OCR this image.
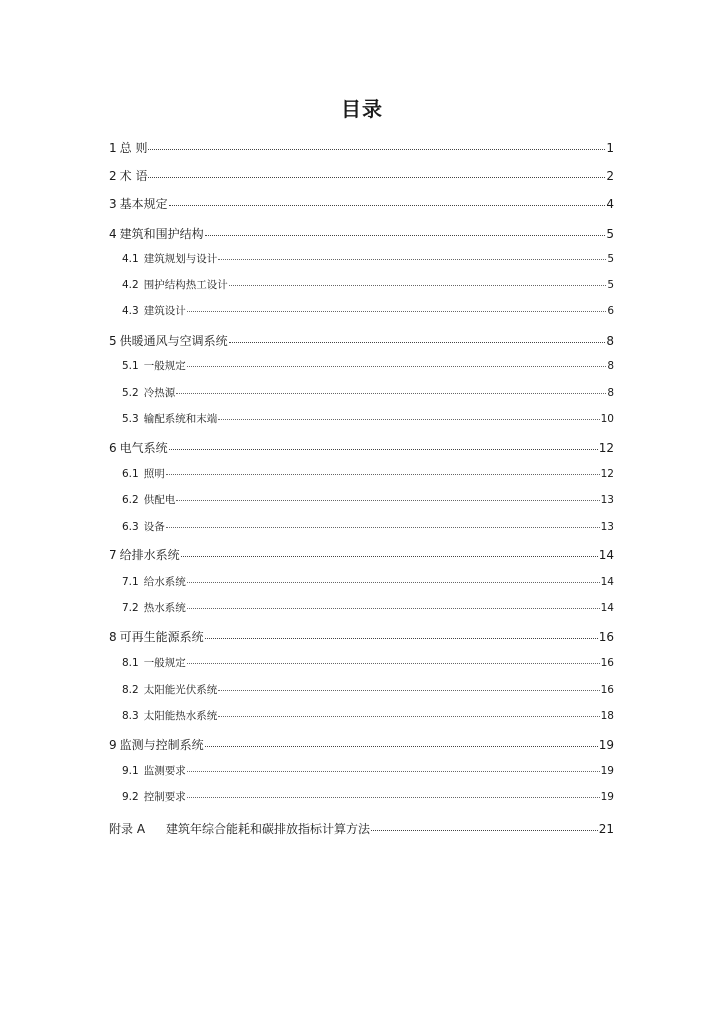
目录
1 总 则	1
2 术 语	2
3 基本规定	4
4 建筑和围护结构	5
4.1 建筑规划与设计	5
4.2 围护结构热工设计	5
4.3 建筑设计	6
5 供暖通风与空调系统	8
5.1 一般规定	8
5.2 冷热源	8
5.3 输配系统和末端	10
6 电气系统	12
6.1 照明	12
6.2 供配电	13
6.3 设备	13
7 给排水系统	14
7.1 给水系统	14
7.2 热水系统	14
8 可再生能源系统	16
8.1 一般规定	16
8.2 太阳能光伏系统	16
8.3 太阳能热水系统	18
9 监测与控制系统	19
9.1 监测要求	19
9.2 控制要求	19
附录 A 建筑年综合能耗和碳排放指标计算方法	21
